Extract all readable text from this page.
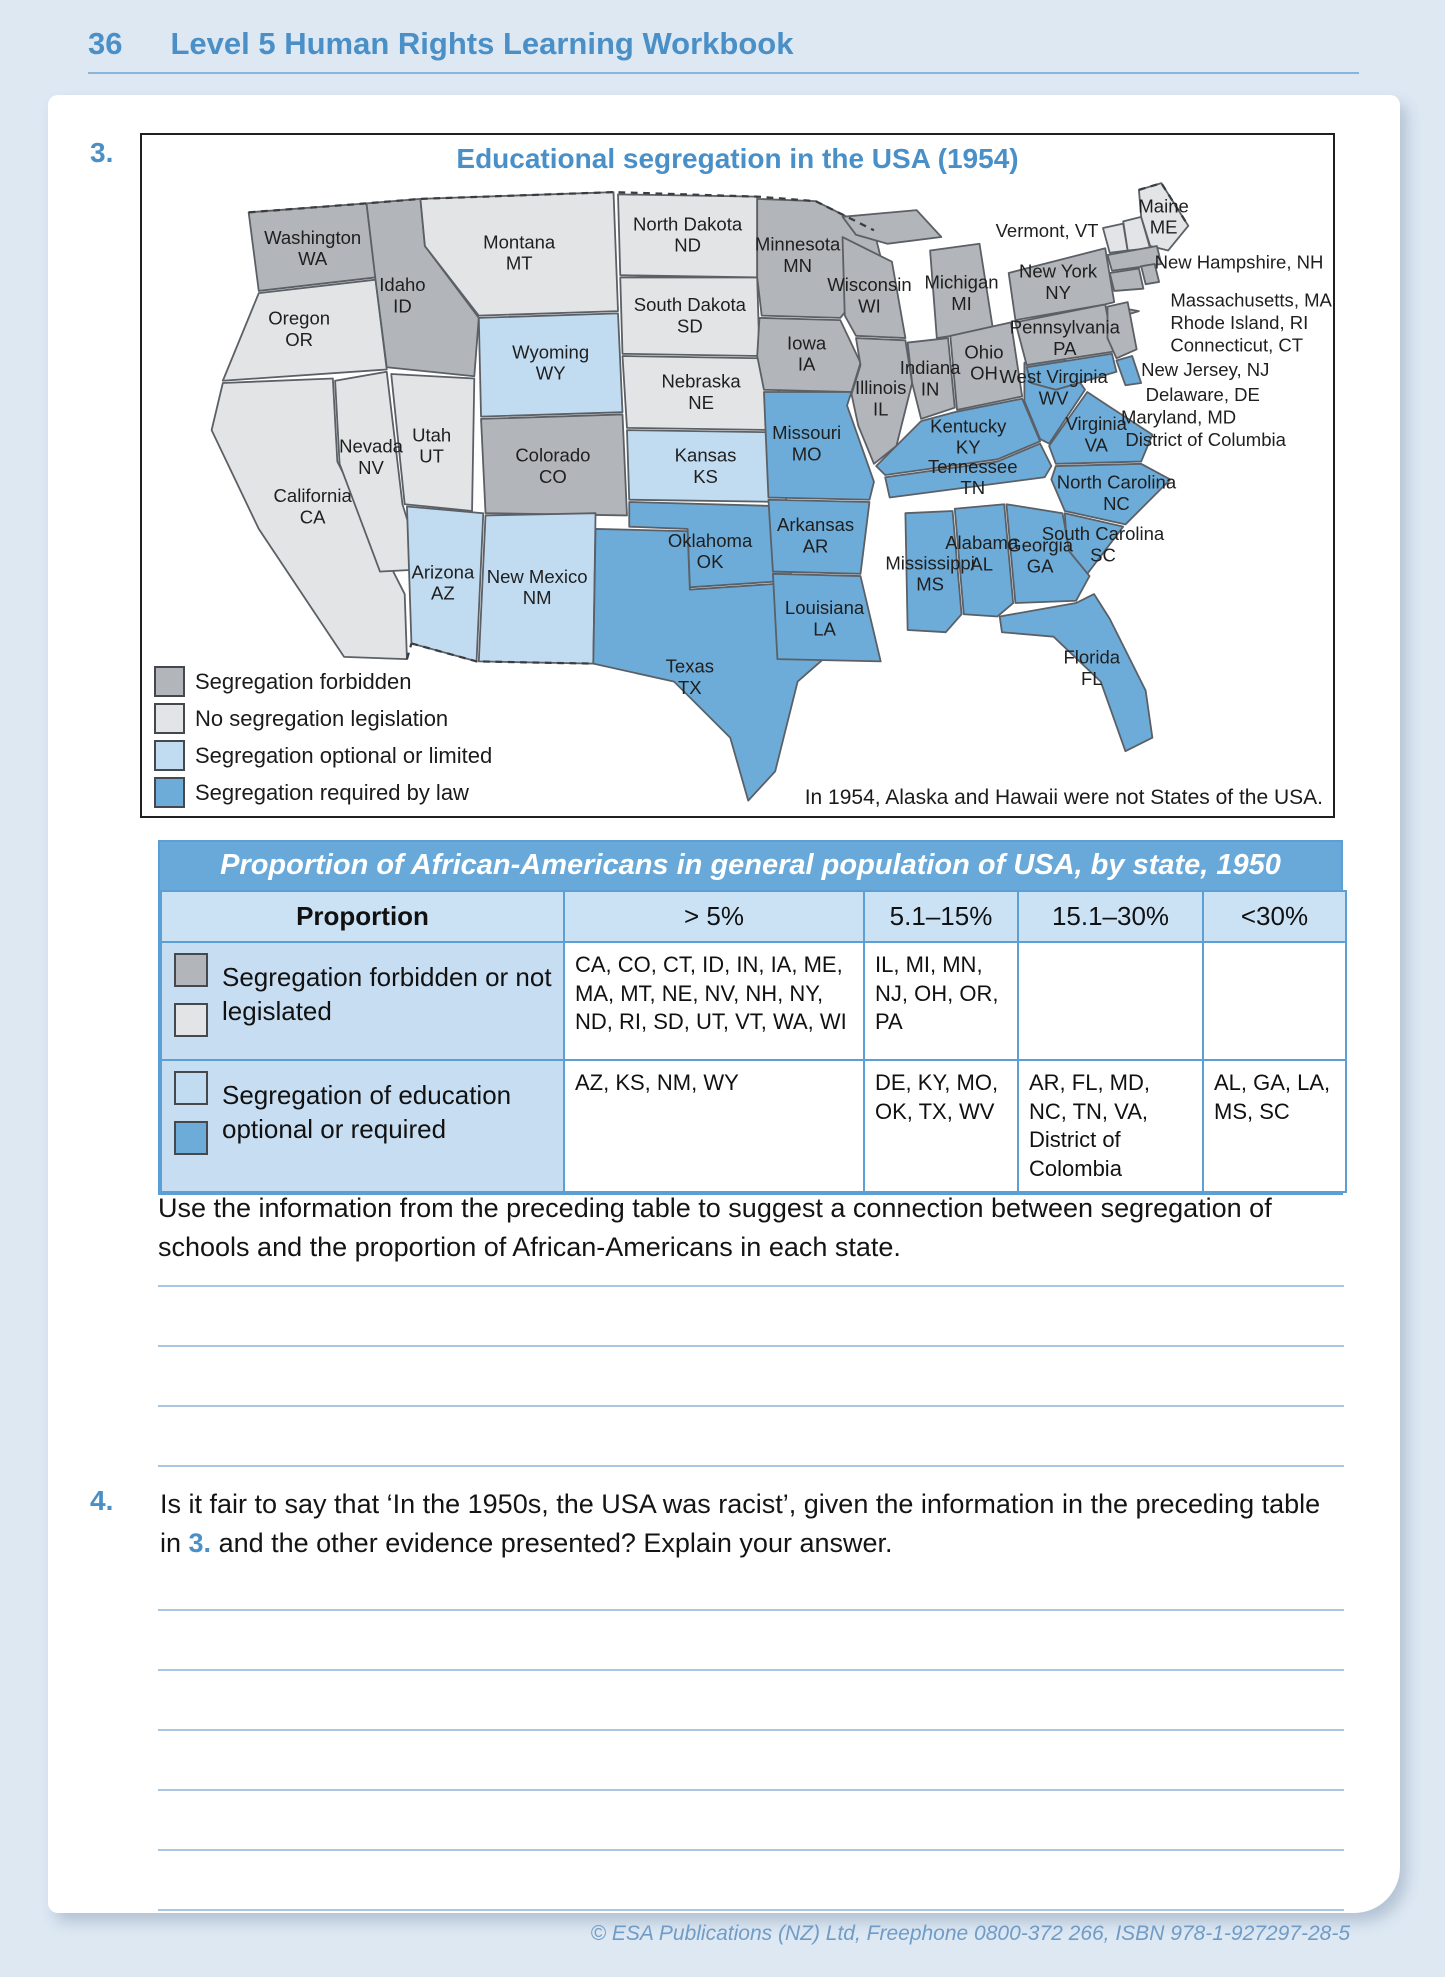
36 Level 5 Human Rights Learning Workbook
3.	Educational segregation in the USA (1954)
Washington
WA
Oregon
OR
California
CA
Nevada
NV
Idaho
ID
Montana
MT
Wyoming
WY
Utah
UT	Colorado
CO
Arizona
AZ
New Mexico
NM
North Dakota
ND
South Dakota
SD
Nebraska
NE
Kansas
KS
Oklahoma
OK
Texas
TX
Minnesota
MN
Iowa
IA
Missouri
MO
Arkansas
AR
Louisiana
LA
Wisconsin
WI
Illinois
IL
Michigan
MI
Indiana
IN
Ohio
OH
Kentucky
KY
West Virginia
WV
Virginia
VA
Tennessee
TN	North Carolina
NC
South Carolina
SC
Georgia
GA
Alabama
AL
Mississippi
MS
Florida
FL
Pennsylvania
PA
New York
NY
Maine
ME
Vermont, VT
New Hampshire, NH
Massachusetts, MA
Rhode Island, RI
Connecticut, CT
New Jersey, NJ
Delaware, DE
Maryland, MD
District of Columbia
Segregation forbidden
No segregation legislation
Segregation optional or limited
Segregation required by law	In 1954, Alaska and Hawaii were not States of the USA.
Proportion of African-Americans in general population of USA, by state, 1950
Proportion	> 5%	5.1–15%	15.1–30%	<30%

Segregation forbidden or not legislated	CA, CO, CT, ID, IN, IA, ME, MA, MT, NE, NV, NH, NY, ND, RI, SD, UT, VT, WA, WI	IL, MI, MN, NJ, OH, OR, PA		

Segregation of education optional or required	AZ, KS, NM, WY	DE, KY, MO, OK, TX, WV	AR, FL, MD, NC, TN, VA, District of Colombia	AL, GA, LA, MS, SC
Use the information from the preceding table to suggest a connection between segregation of schools and the proportion of African-Americans in each state.
4. Is it fair to say that ‘In the 1950s, the USA was racist’, given the information in the preceding table in 3. and the other evidence presented? Explain your answer.
© ESA Publications (NZ) Ltd, Freephone 0800-372 266, ISBN 978-1-927297-28-5
